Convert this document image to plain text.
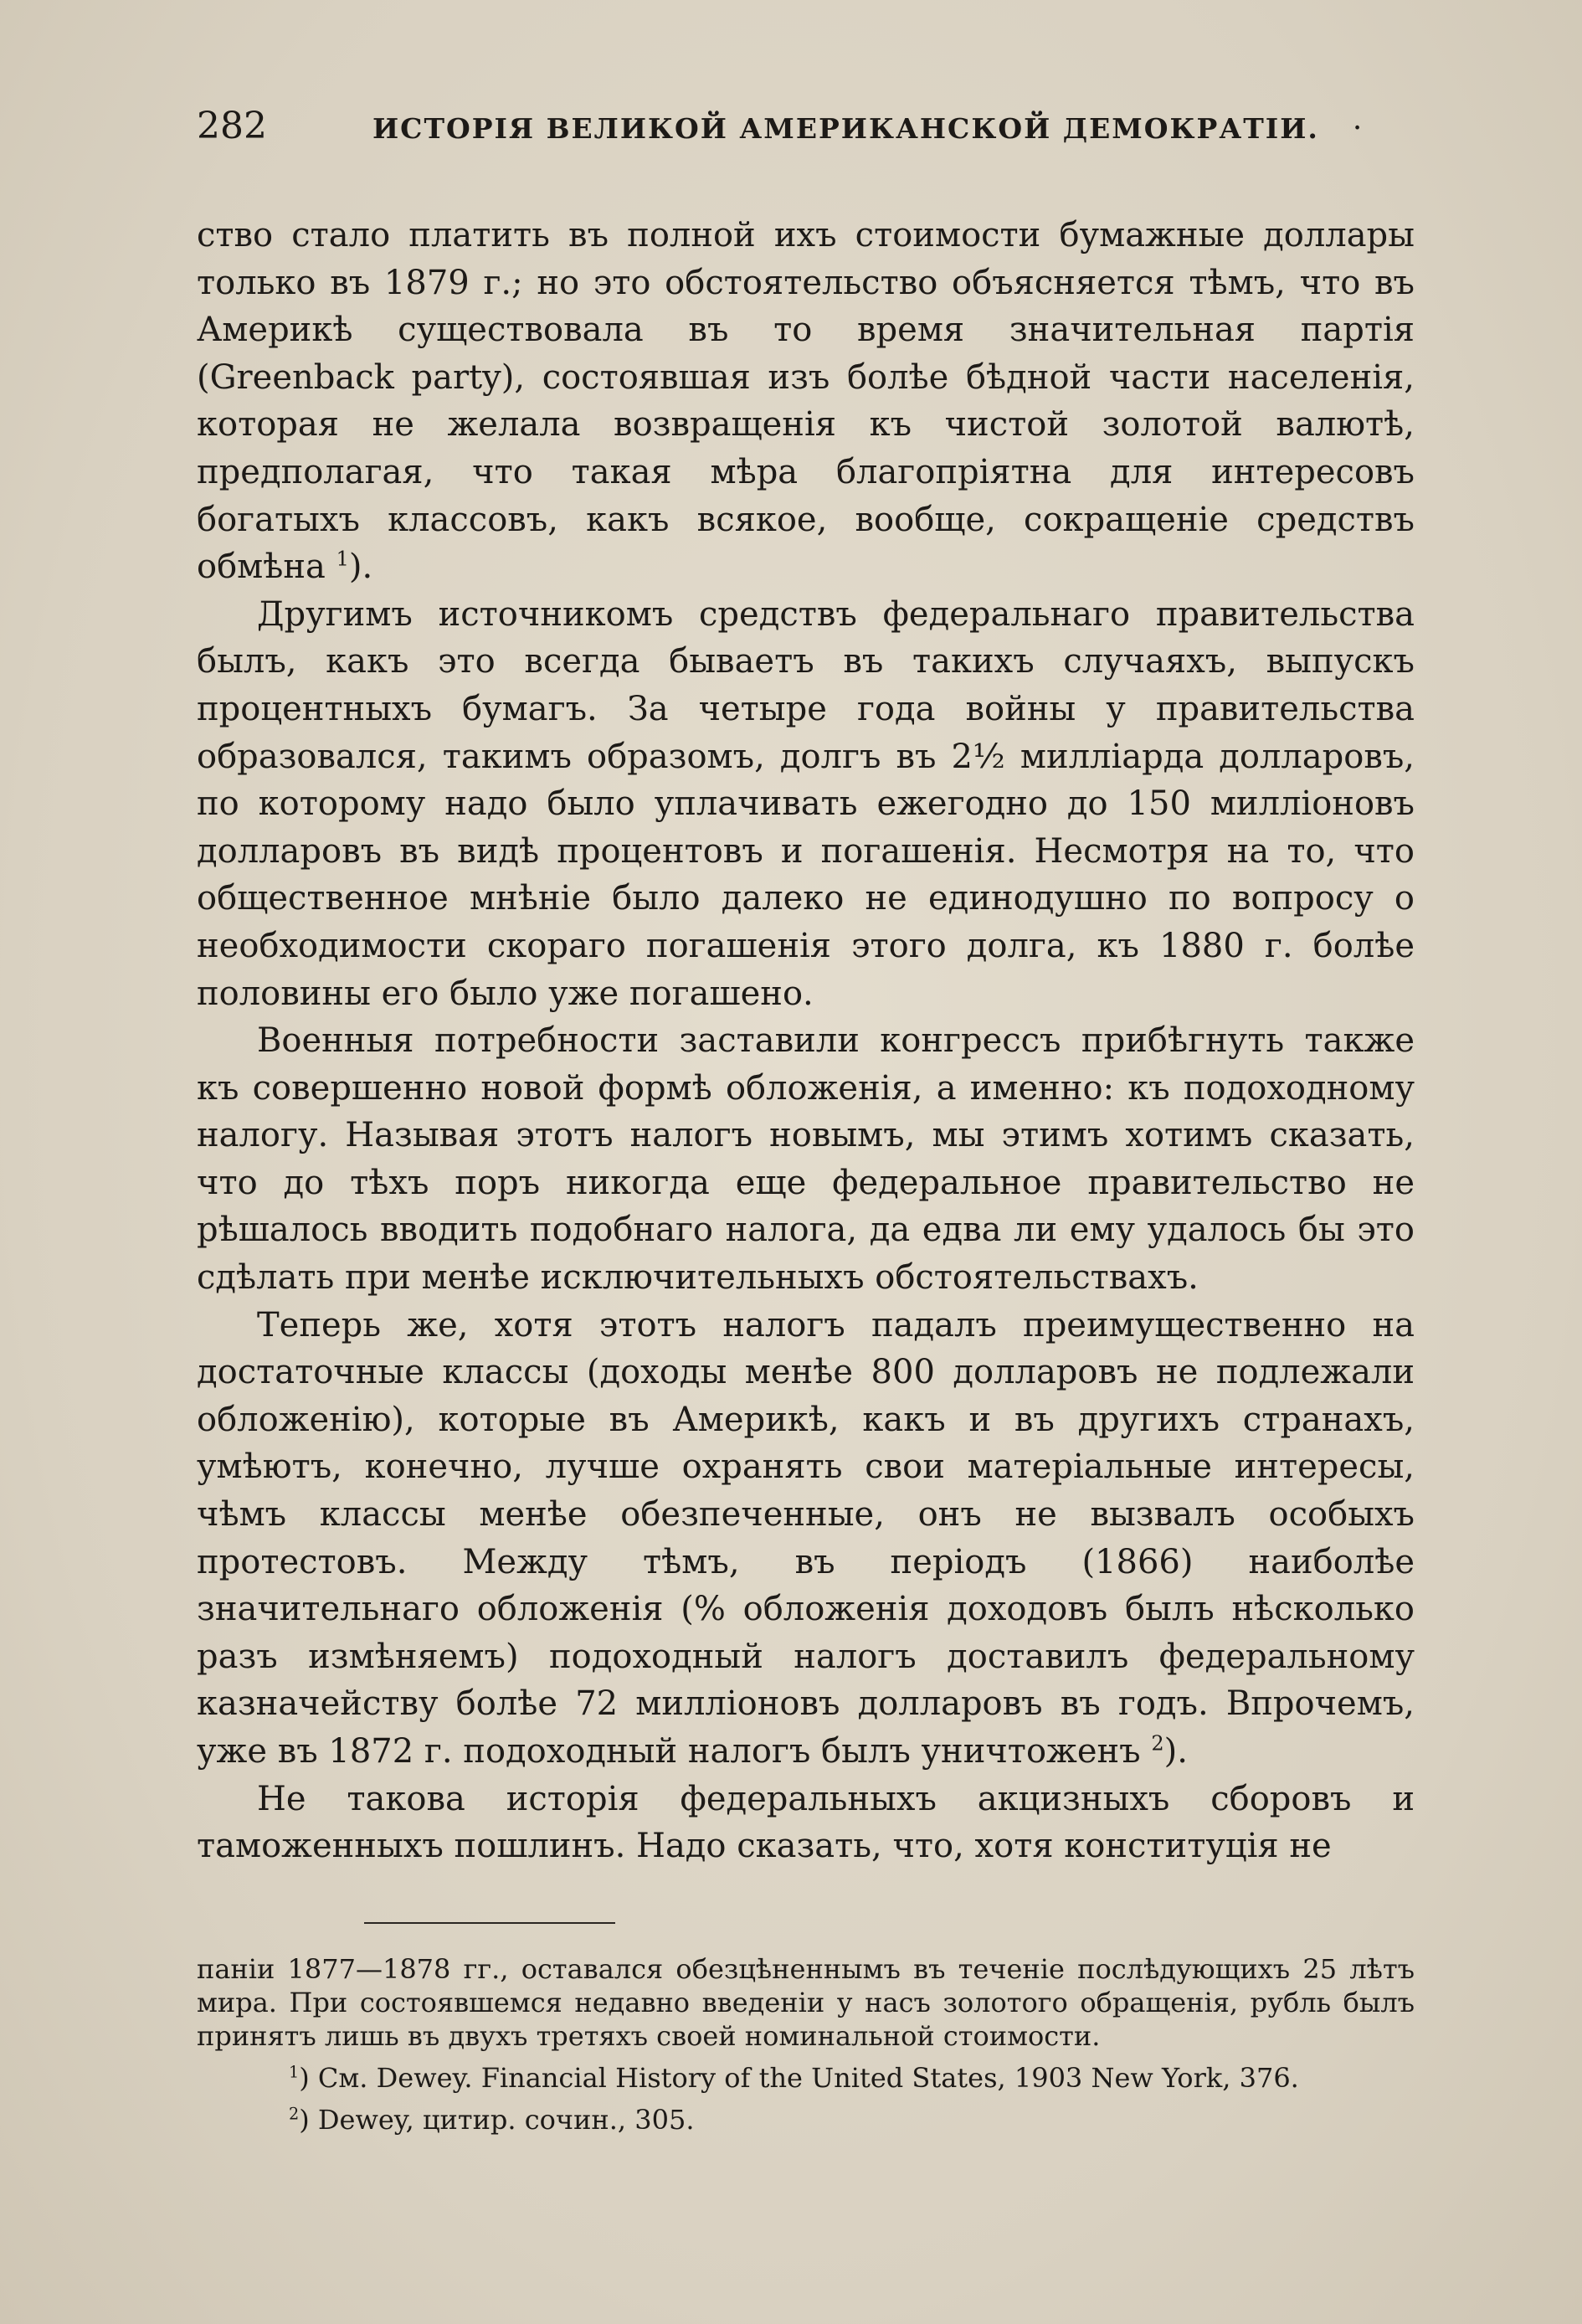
282	ИСТОРІЯ ВЕЛИКОЙ АМЕРИКАНСКОЙ ДЕМОКРАТІИ. ·

ство стало платить въ полной ихъ стоимости бумажные доллары только въ 1879 г.; но это обстоятельство объясняется тѣмъ, что въ Америкѣ существовала въ то время значительная партія (Greenback party), состоявшая изъ болѣе бѣдной части населенія, которая не желала возвращенія къ чистой золотой валютѣ, предполагая, что такая мѣра благопріятна для интересовъ богатыхъ классовъ, какъ всякое, вообще, сокращеніе средствъ обмѣна $^1$).

Другимъ источникомъ средствъ федеральнаго правительства былъ, какъ это всегда бываетъ въ такихъ случаяхъ, выпускъ процентныхъ бумагъ. За четыре года войны у правительства образовался, такимъ образомъ, долгъ въ 2½ милліарда долларовъ, по которому надо было уплачивать ежегодно до 150 милліоновъ долларовъ въ видѣ процентовъ и погашенія. Несмотря на то, что общественное мнѣніе было далеко не единодушно по вопросу о необходимости скораго погашенія этого долга, къ 1880 г. болѣе половины его было уже погашено.

Военныя потребности заставили конгрессъ прибѣгнуть также къ совершенно новой формѣ обложенія, а именно: къ подоходному налогу. Называя этотъ налогъ новымъ, мы этимъ хотимъ сказать, что до тѣхъ поръ никогда еще федеральное правительство не рѣшалось вводить подобнаго налога, да едва ли ему удалось бы это сдѣлать при менѣе исключительныхъ обстоятельствахъ.

Теперь же, хотя этотъ налогъ падалъ преимущественно на достаточные классы (доходы менѣе 800 долларовъ не подлежали обложенію), которые въ Америкѣ, какъ и въ другихъ странахъ, умѣютъ, конечно, лучше охранять свои матеріальные интересы, чѣмъ классы менѣе обезпеченные, онъ не вызвалъ особыхъ протестовъ. Между тѣмъ, въ періодъ (1866) наиболѣе значительнаго обложенія (% обложенія доходовъ былъ нѣсколько разъ измѣняемъ) подоходный налогъ доставилъ федеральному казначейству болѣе 72 милліоновъ долларовъ въ годъ. Впрочемъ, уже въ 1872 г. подоходный налогъ былъ уничтоженъ $^2$).

Не такова исторія федеральныхъ акцизныхъ сборовъ и таможенныхъ пошлинъ. Надо сказать, что, хотя конституція не

паніи 1877—1878 гг., оставался обезцѣненнымъ въ теченіе послѣдующихъ 25 лѣтъ мира. При состоявшемся недавно введеніи у насъ золотого обращенія, рубль былъ принятъ лишь въ двухъ третяхъ своей номинальной стоимости.

$^1$) См. Dewey. Financial History of the United States, 1903 New York, 376.

$^2$) Dewey, цитир. сочин., 305.
